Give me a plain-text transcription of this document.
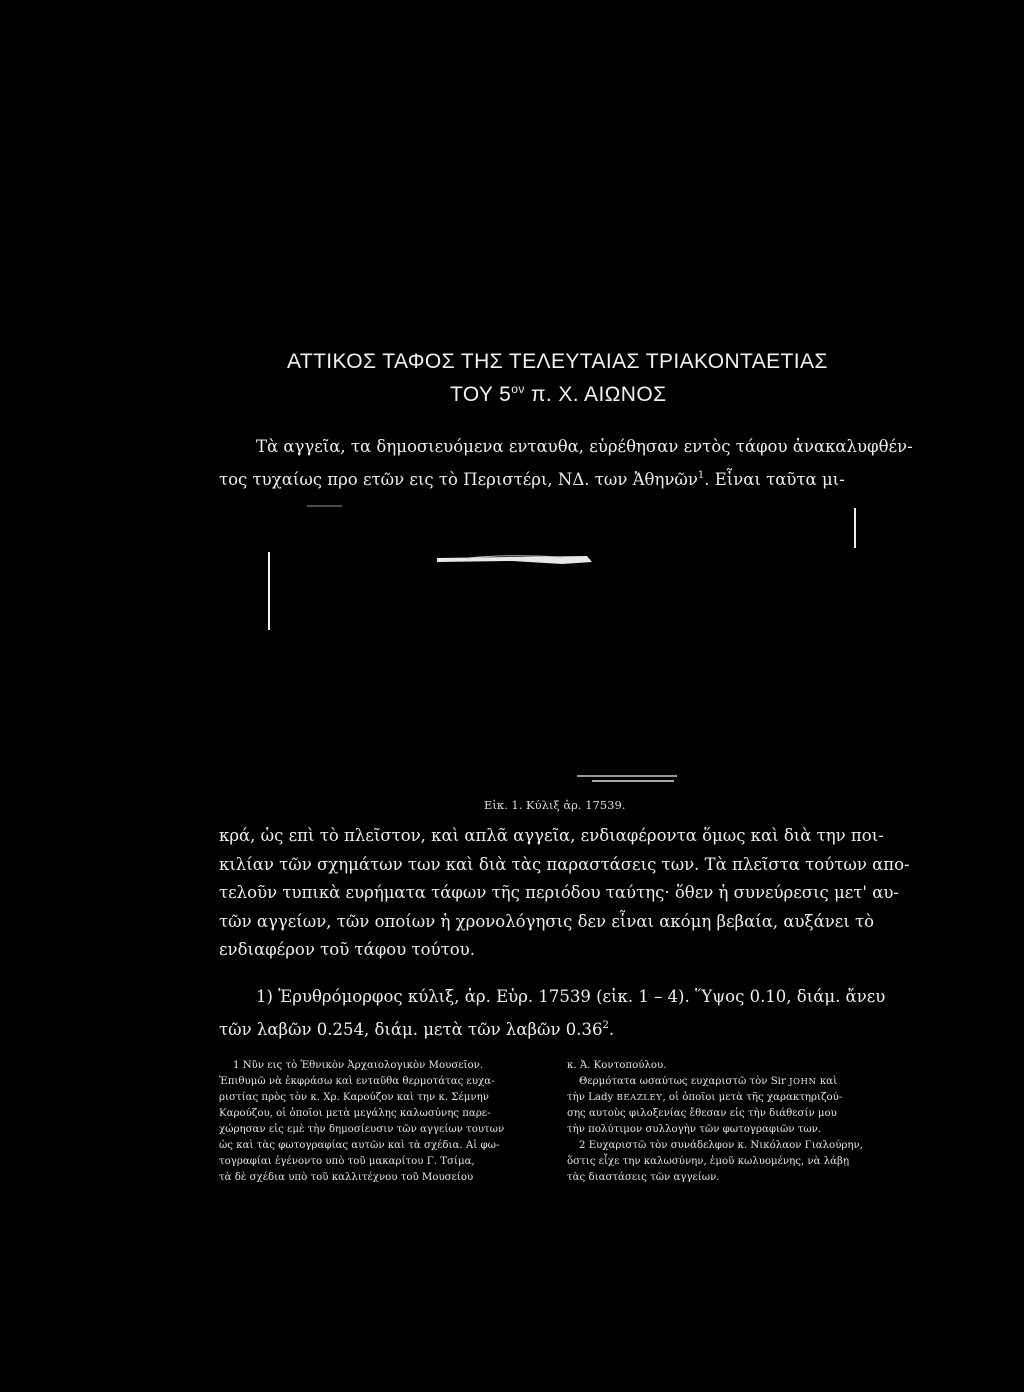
ΑΤΤΙΚΟΣ ΤΑΦΟΣ ΤΗΣ ΤΕΛΕΥΤΑΙΑΣ ΤΡΙΑΚΟΝΤΑΕΤΙΑΣ
ΤΟΥ $5^{o\nu}$ π. Χ. ΑΙΩΝΟΣ
Τὰ αγγεῖα, τα δημοσιευόμενα ενταυθα, εὑρέθησαν εντὸς τάφου ἀνακαλυφθέν-
τος τυχαίως προ ετῶν εις τὸ Περιστέρι, ΝΔ. των Ἀθηνῶν$^1$. Εἶναι ταῦτα μι-
Εἰκ. 1. Κύλιξ ἀρ. 17539.
κρά, ὡς επὶ τὸ πλεῖστον, καὶ απλᾶ αγγεῖα, ενδιαφέροντα ὅμως καὶ διὰ την ποι-
κιλίαν τῶν σχημάτων των καὶ διὰ τὰς παραστάσεις των. Τὰ πλεῖστα τούτων απο-
τελοῦν τυπικὰ ευρήματα τάφων τῆς περιόδου ταύτης· ὅθεν ἡ συνεύρεσις μετ' αυ-
τῶν αγγείων, τῶν οποίων ἡ χρονολόγησις δεν εἶναι ακόμη βεβαία, αυξάνει τὸ
ενδιαφέρον τοῦ τάφου τούτου.
1) Ἐρυθρόμορφος κύλιξ, ἀρ. Εὑρ. 17539 (εἰκ. 1 – 4). Ὕψος 0.10, διάμ. ἄνευ
τῶν λαβῶν 0.254, διάμ. μετὰ τῶν λαβῶν 0.36$^2$.
1 Νῦν εις τὸ Ἐθνικὸν Ἀρχαιολογικὸν Μουσεῖον.
Ἐπιθυμῶ νὰ ἐκφράσω καὶ ενταῦθα θερμοτάτας ευχα-
ριστίας πρὸς τὸν κ. Χρ. Καρούζον καὶ την κ. Σέμνην
Καρούζου, οἱ ὁποῖοι μετὰ μεγάλης καλωσύνης παρε-
χώρησαν εἰς εμὲ τὴν δημοσίευσιν τῶν αγγείων τουτων
ὡς καὶ τὰς φωτογραφίας αυτῶν καὶ τὰ σχέδια. Αἱ φω-
τογραφίαι ἐγένοντο υπὸ τοῦ μακαρίτου Γ. Τσίμα,
τὰ δὲ σχέδια υπὸ τοῦ καλλιτέχνου τοῦ Μουσείου
κ. Ἀ. Κοντοπούλου.
Θερμότατα ωσαύτως ευχαριστῶ τὸν Sir JOHN καὶ
τὴν Lady BEAZLEY, οἱ ὁποῖοι μετὰ τῆς χαρακτηριζού-
σης αυτοὺς φιλοξενίας ἔθεσαν εἰς τὴν διάθεσίν μου
τὴν πολύτιμον συλλογὴν τῶν φωτογραφιῶν των.
2 Ευχαριστῶ τὸν συνάδελφον κ. Νικόλαον Γιαλούρην,
ὅστις εἶχε την καλωσύνην, ἐμοῦ κωλυομένης, νὰ λάβῃ
τὰς διαστάσεις τῶν αγγείων.
